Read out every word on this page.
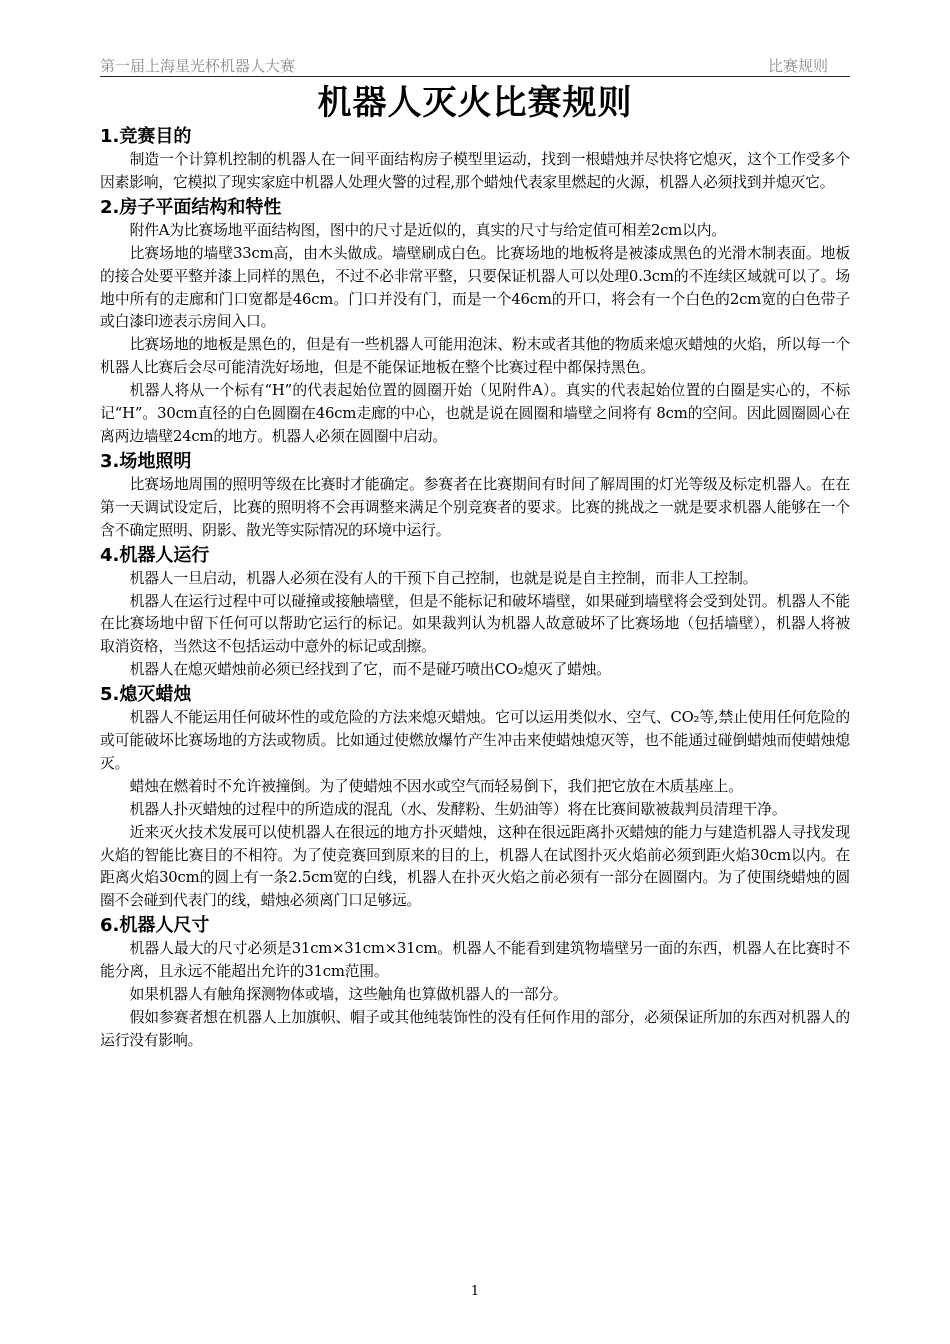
第一届上海星光杯机器人大赛	比赛规则
机器人灭火比赛规则
1.竞赛目的

制造一个计算机控制的机器人在一间平面结构房子模型里运动，找到一根蜡烛并尽快将它熄灭，这个工作受多个因素影响，它模拟了现实家庭中机器人处理火警的过程,那个蜡烛代表家里燃起的火源，机器人必须找到并熄灭它。

2.房子平面结构和特性

附件A为比赛场地平面结构图，图中的尺寸是近似的，真实的尺寸与给定值可相差2cm以内。

比赛场地的墙壁33cm高，由木头做成。墙壁刷成白色。比赛场地的地板将是被漆成黑色的光滑木制表面。地板的接合处要平整并漆上同样的黑色，不过不必非常平整，只要保证机器人可以处理0.3cm的不连续区域就可以了。场地中所有的走廊和门口宽都是46cm。门口并没有门，而是一个46cm的开口，将会有一个白色的2cm宽的白色带子或白漆印迹表示房间入口。

比赛场地的地板是黑色的，但是有一些机器人可能用泡沫、粉末或者其他的物质来熄灭蜡烛的火焰，所以每一个机器人比赛后会尽可能清洗好场地，但是不能保证地板在整个比赛过程中都保持黑色。

机器人将从一个标有“H”的代表起始位置的圆圈开始（见附件A）。真实的代表起始位置的白圈是实心的，不标记“H”。30cm直径的白色圆圈在46cm走廊的中心，也就是说在圆圈和墙壁之间将有 8cm的空间。因此圆圈圆心在离两边墙壁24cm的地方。机器人必须在圆圈中启动。

3.场地照明

比赛场地周围的照明等级在比赛时才能确定。参赛者在比赛期间有时间了解周围的灯光等级及标定机器人。在在第一天调试设定后，比赛的照明将不会再调整来满足个别竞赛者的要求。比赛的挑战之一就是要求机器人能够在一个含不确定照明、阴影、散光等实际情况的环境中运行。

4.机器人运行

机器人一旦启动，机器人必须在没有人的干预下自己控制，也就是说是自主控制，而非人工控制。

机器人在运行过程中可以碰撞或接触墙壁，但是不能标记和破坏墙壁，如果碰到墙壁将会受到处罚。机器人不能在比赛场地中留下任何可以帮助它运行的标记。如果裁判认为机器人故意破坏了比赛场地（包括墙壁），机器人将被取消资格，当然这不包括运动中意外的标记或刮擦。

机器人在熄灭蜡烛前必须已经找到了它，而不是碰巧喷出CO₂熄灭了蜡烛。

5.熄灭蜡烛

机器人不能运用任何破坏性的或危险的方法来熄灭蜡烛。它可以运用类似水、空气、CO₂等,禁止使用任何危险的或可能破坏比赛场地的方法或物质。比如通过使燃放爆竹产生冲击来使蜡烛熄灭等，也不能通过碰倒蜡烛而使蜡烛熄灭。

蜡烛在燃着时不允许被撞倒。为了使蜡烛不因水或空气而轻易倒下，我们把它放在木质基座上。

机器人扑灭蜡烛的过程中的所造成的混乱（水、发酵粉、生奶油等）将在比赛间歇被裁判员清理干净。

近来灭火技术发展可以使机器人在很远的地方扑灭蜡烛，这种在很远距离扑灭蜡烛的能力与建造机器人寻找发现火焰的智能比赛目的不相符。为了使竞赛回到原来的目的上，机器人在试图扑灭火焰前必须到距火焰30cm以内。在距离火焰30cm的圆上有一条2.5cm宽的白线，机器人在扑灭火焰之前必须有一部分在圆圈内。为了使围绕蜡烛的圆圈不会碰到代表门的线，蜡烛必须离门口足够远。

6.机器人尺寸

机器人最大的尺寸必须是31cm×31cm×31cm。机器人不能看到建筑物墙壁另一面的东西，机器人在比赛时不能分离，且永远不能超出允许的31cm范围。

如果机器人有触角探测物体或墙，这些触角也算做机器人的一部分。

假如参赛者想在机器人上加旗帜、帽子或其他纯装饰性的没有任何作用的部分，必须保证所加的东西对机器人的运行没有影响。

1
